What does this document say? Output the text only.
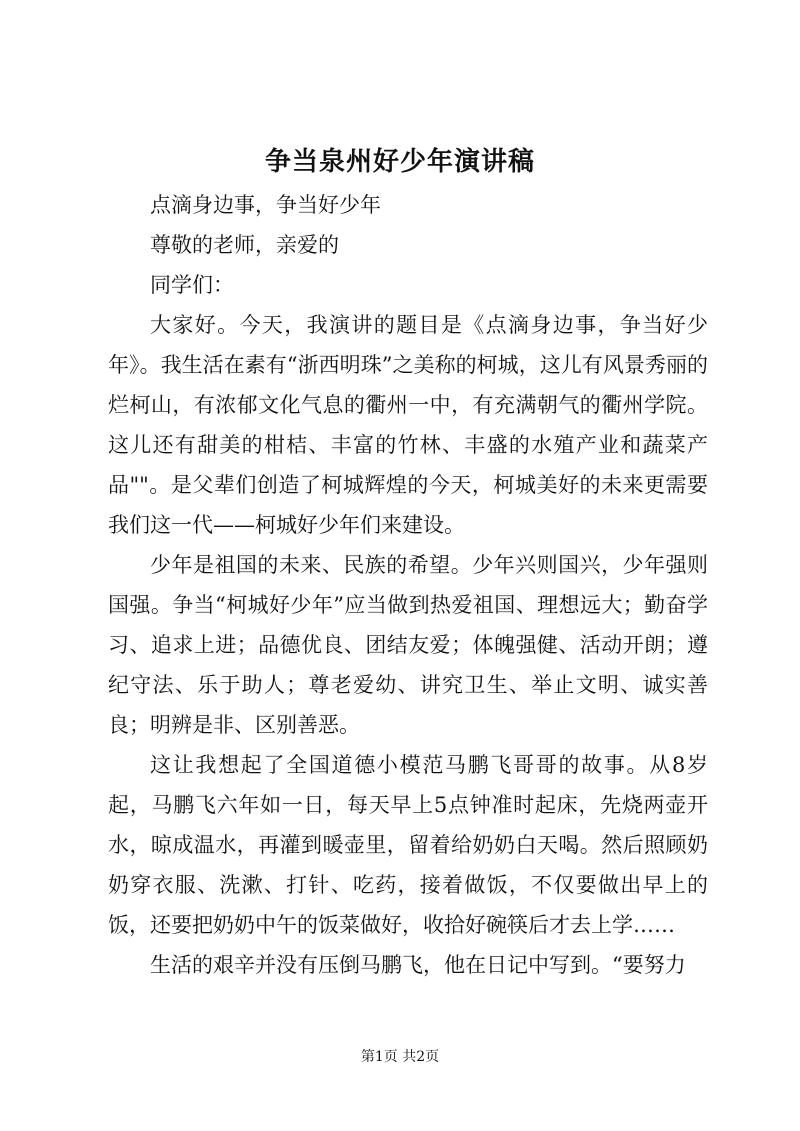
争当泉州好少年演讲稿

点滴身边事，争当好少年

尊敬的老师，亲爱的

同学们：

大家好。今天，我演讲的题目是《点滴身边事，争当好少年》。我生活在素有“浙西明珠”之美称的柯城，这儿有风景秀丽的烂柯山，有浓郁文化气息的衢州一中，有充满朝气的衢州学院。这儿还有甜美的柑桔、丰富的竹林、丰盛的水殖产业和蔬菜产品""。是父辈们创造了柯城辉煌的今天，柯城美好的未来更需要我们这一代——柯城好少年们来建设。

少年是祖国的未来、民族的希望。少年兴则国兴，少年强则国强。争当“柯城好少年”应当做到热爱祖国、理想远大；勤奋学习、追求上进；品德优良、团结友爱；体魄强健、活动开朗；遵纪守法、乐于助人；尊老爱幼、讲究卫生、举止文明、诚实善良；明辨是非、区别善恶。

这让我想起了全国道德小模范马鹏飞哥哥的故事。从8岁起，马鹏飞六年如一日，每天早上5点钟准时起床，先烧两壶开水，晾成温水，再灌到暖壶里，留着给奶奶白天喝。然后照顾奶奶穿衣服、洗漱、打针、吃药，接着做饭，不仅要做出早上的饭，还要把奶奶中午的饭菜做好，收拾好碗筷后才去上学……

生活的艰辛并没有压倒马鹏飞，他在日记中写到。“要努力

第1页 共2页
